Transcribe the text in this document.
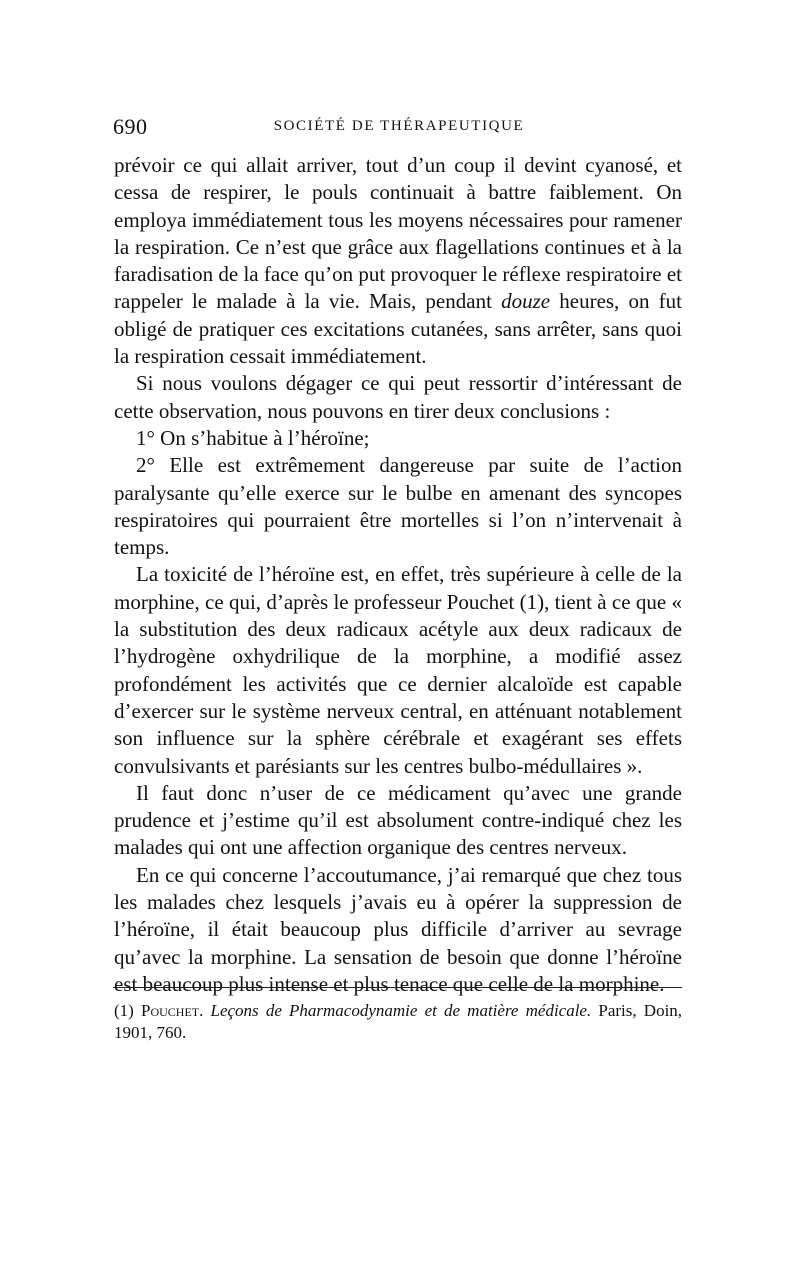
690	SOCIÉTÉ DE THÉRAPEUTIQUE

prévoir ce qui allait arriver, tout d’un coup il devint cyanosé, et cessa de respirer, le pouls continuait à battre faiblement. On employa immédiatement tous les moyens nécessaires pour ramener la respiration. Ce n’est que grâce aux flagellations continues et à la faradisation de la face qu’on put provoquer le réflexe respiratoire et rappeler le malade à la vie. Mais, pendant douze heures, on fut obligé de pratiquer ces excitations cutanées, sans arrêter, sans quoi la respiration cessait immédiatement.

Si nous voulons dégager ce qui peut ressortir d’intéressant de cette observation, nous pouvons en tirer deux conclusions :

1° On s’habitue à l’héroïne;

2° Elle est extrêmement dangereuse par suite de l’action paralysante qu’elle exerce sur le bulbe en amenant des syncopes respiratoires qui pourraient être mortelles si l’on n’intervenait à temps.

La toxicité de l’héroïne est, en effet, très supérieure à celle de la morphine, ce qui, d’après le professeur Pouchet (1), tient à ce que « la substitution des deux radicaux acétyle aux deux radicaux de l’hydrogène oxhydrilique de la morphine, a modifié assez profondément les activités que ce dernier alcaloïde est capable d’exercer sur le système nerveux central, en atténuant notablement son influence sur la sphère cérébrale et exagérant ses effets convulsivants et parésiants sur les centres bulbo-médullaires ».

Il faut donc n’user de ce médicament qu’avec une grande prudence et j’estime qu’il est absolument contre-indiqué chez les malades qui ont une affection organique des centres nerveux.

En ce qui concerne l’accoutumance, j’ai remarqué que chez tous les malades chez lesquels j’avais eu à opérer la suppression de l’héroïne, il était beaucoup plus difficile d’arriver au sevrage qu’avec la morphine. La sensation de besoin que donne l’héroïne est beaucoup plus intense et plus tenace que celle de la morphine.

(1) Pouchet. Leçons de Pharmacodynamie et de matière médicale. Paris, Doin, 1901, 760.
